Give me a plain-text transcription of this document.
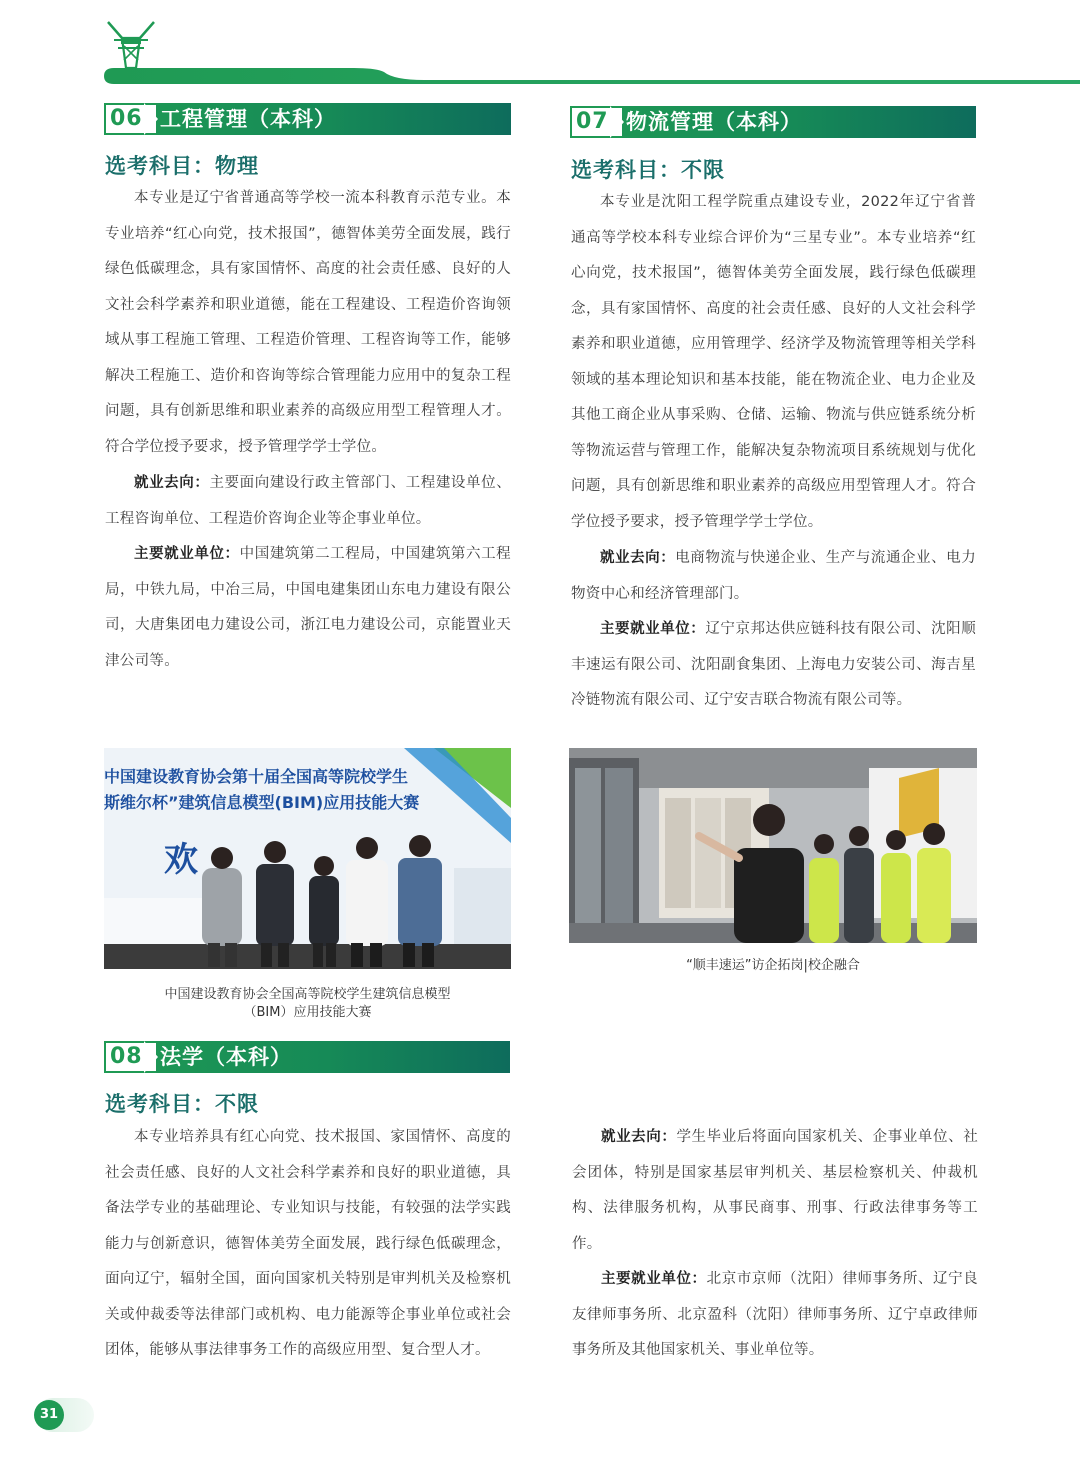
06 工程管理（本科）
选考科目：物理
本专业是辽宁省普通高等学校一流本科教育示范专业。本专业培养“红心向党，技术报国”，德智体美劳全面发展，践行绿色低碳理念，具有家国情怀、高度的社会责任感、良好的人文社会科学素养和职业道德，能在工程建设、工程造价咨询领域从事工程施工管理、工程造价管理、工程咨询等工作，能够解决工程施工、造价和咨询等综合管理能力应用中的复杂工程问题，具有创新思维和职业素养的高级应用型工程管理人才。符合学位授予要求，授予管理学学士学位。
就业去向：主要面向建设行政主管部门、工程建设单位、工程咨询单位、工程造价咨询企业等企事业单位。
主要就业单位：中国建筑第二工程局，中国建筑第六工程局，中铁九局，中冶三局，中国电建集团山东电力建设有限公司，大唐集团电力建设公司，浙江电力建设公司，京能置业天津公司等。
中国建设教育协会第十届全国高等院校学生
斯维尔杯”建筑信息模型(BIM)应用技能大赛
欢
中国建设教育协会全国高等院校学生建筑信息模型
（BIM）应用技能大赛
07 物流管理（本科）
选考科目：不限
本专业是沈阳工程学院重点建设专业，2022年辽宁省普通高等学校本科专业综合评价为“三星专业”。本专业培养“红心向党，技术报国”，德智体美劳全面发展，践行绿色低碳理念，具有家国情怀、高度的社会责任感、良好的人文社会科学素养和职业道德，应用管理学、经济学及物流管理等相关学科领域的基本理论知识和基本技能，能在物流企业、电力企业及其他工商企业从事采购、仓储、运输、物流与供应链系统分析等物流运营与管理工作，能解决复杂物流项目系统规划与优化问题，具有创新思维和职业素养的高级应用型管理人才。符合学位授予要求，授予管理学学士学位。
就业去向：电商物流与快递企业、生产与流通企业、电力物资中心和经济管理部门。
主要就业单位：辽宁京邦达供应链科技有限公司、沈阳顺丰速运有限公司、沈阳副食集团、上海电力安装公司、海吉星冷链物流有限公司、辽宁安吉联合物流有限公司等。
“顺丰速运”访企拓岗|校企融合
08 法学（本科）
选考科目：不限
本专业培养具有红心向党、技术报国、家国情怀、高度的社会责任感、良好的人文社会科学素养和良好的职业道德，具备法学专业的基础理论、专业知识与技能，有较强的法学实践能力与创新意识，德智体美劳全面发展，践行绿色低碳理念，面向辽宁，辐射全国，面向国家机关特别是审判机关及检察机关或仲裁委等法律部门或机构、电力能源等企事业单位或社会团体，能够从事法律事务工作的高级应用型、复合型人才。
就业去向：学生毕业后将面向国家机关、企事业单位、社会团体，特别是国家基层审判机关、基层检察机关、仲裁机构、法律服务机构，从事民商事、刑事、行政法律事务等工作。
主要就业单位：北京市京师（沈阳）律师事务所、辽宁良友律师事务所、北京盈科（沈阳）律师事务所、辽宁卓政律师事务所及其他国家机关、事业单位等。
31
